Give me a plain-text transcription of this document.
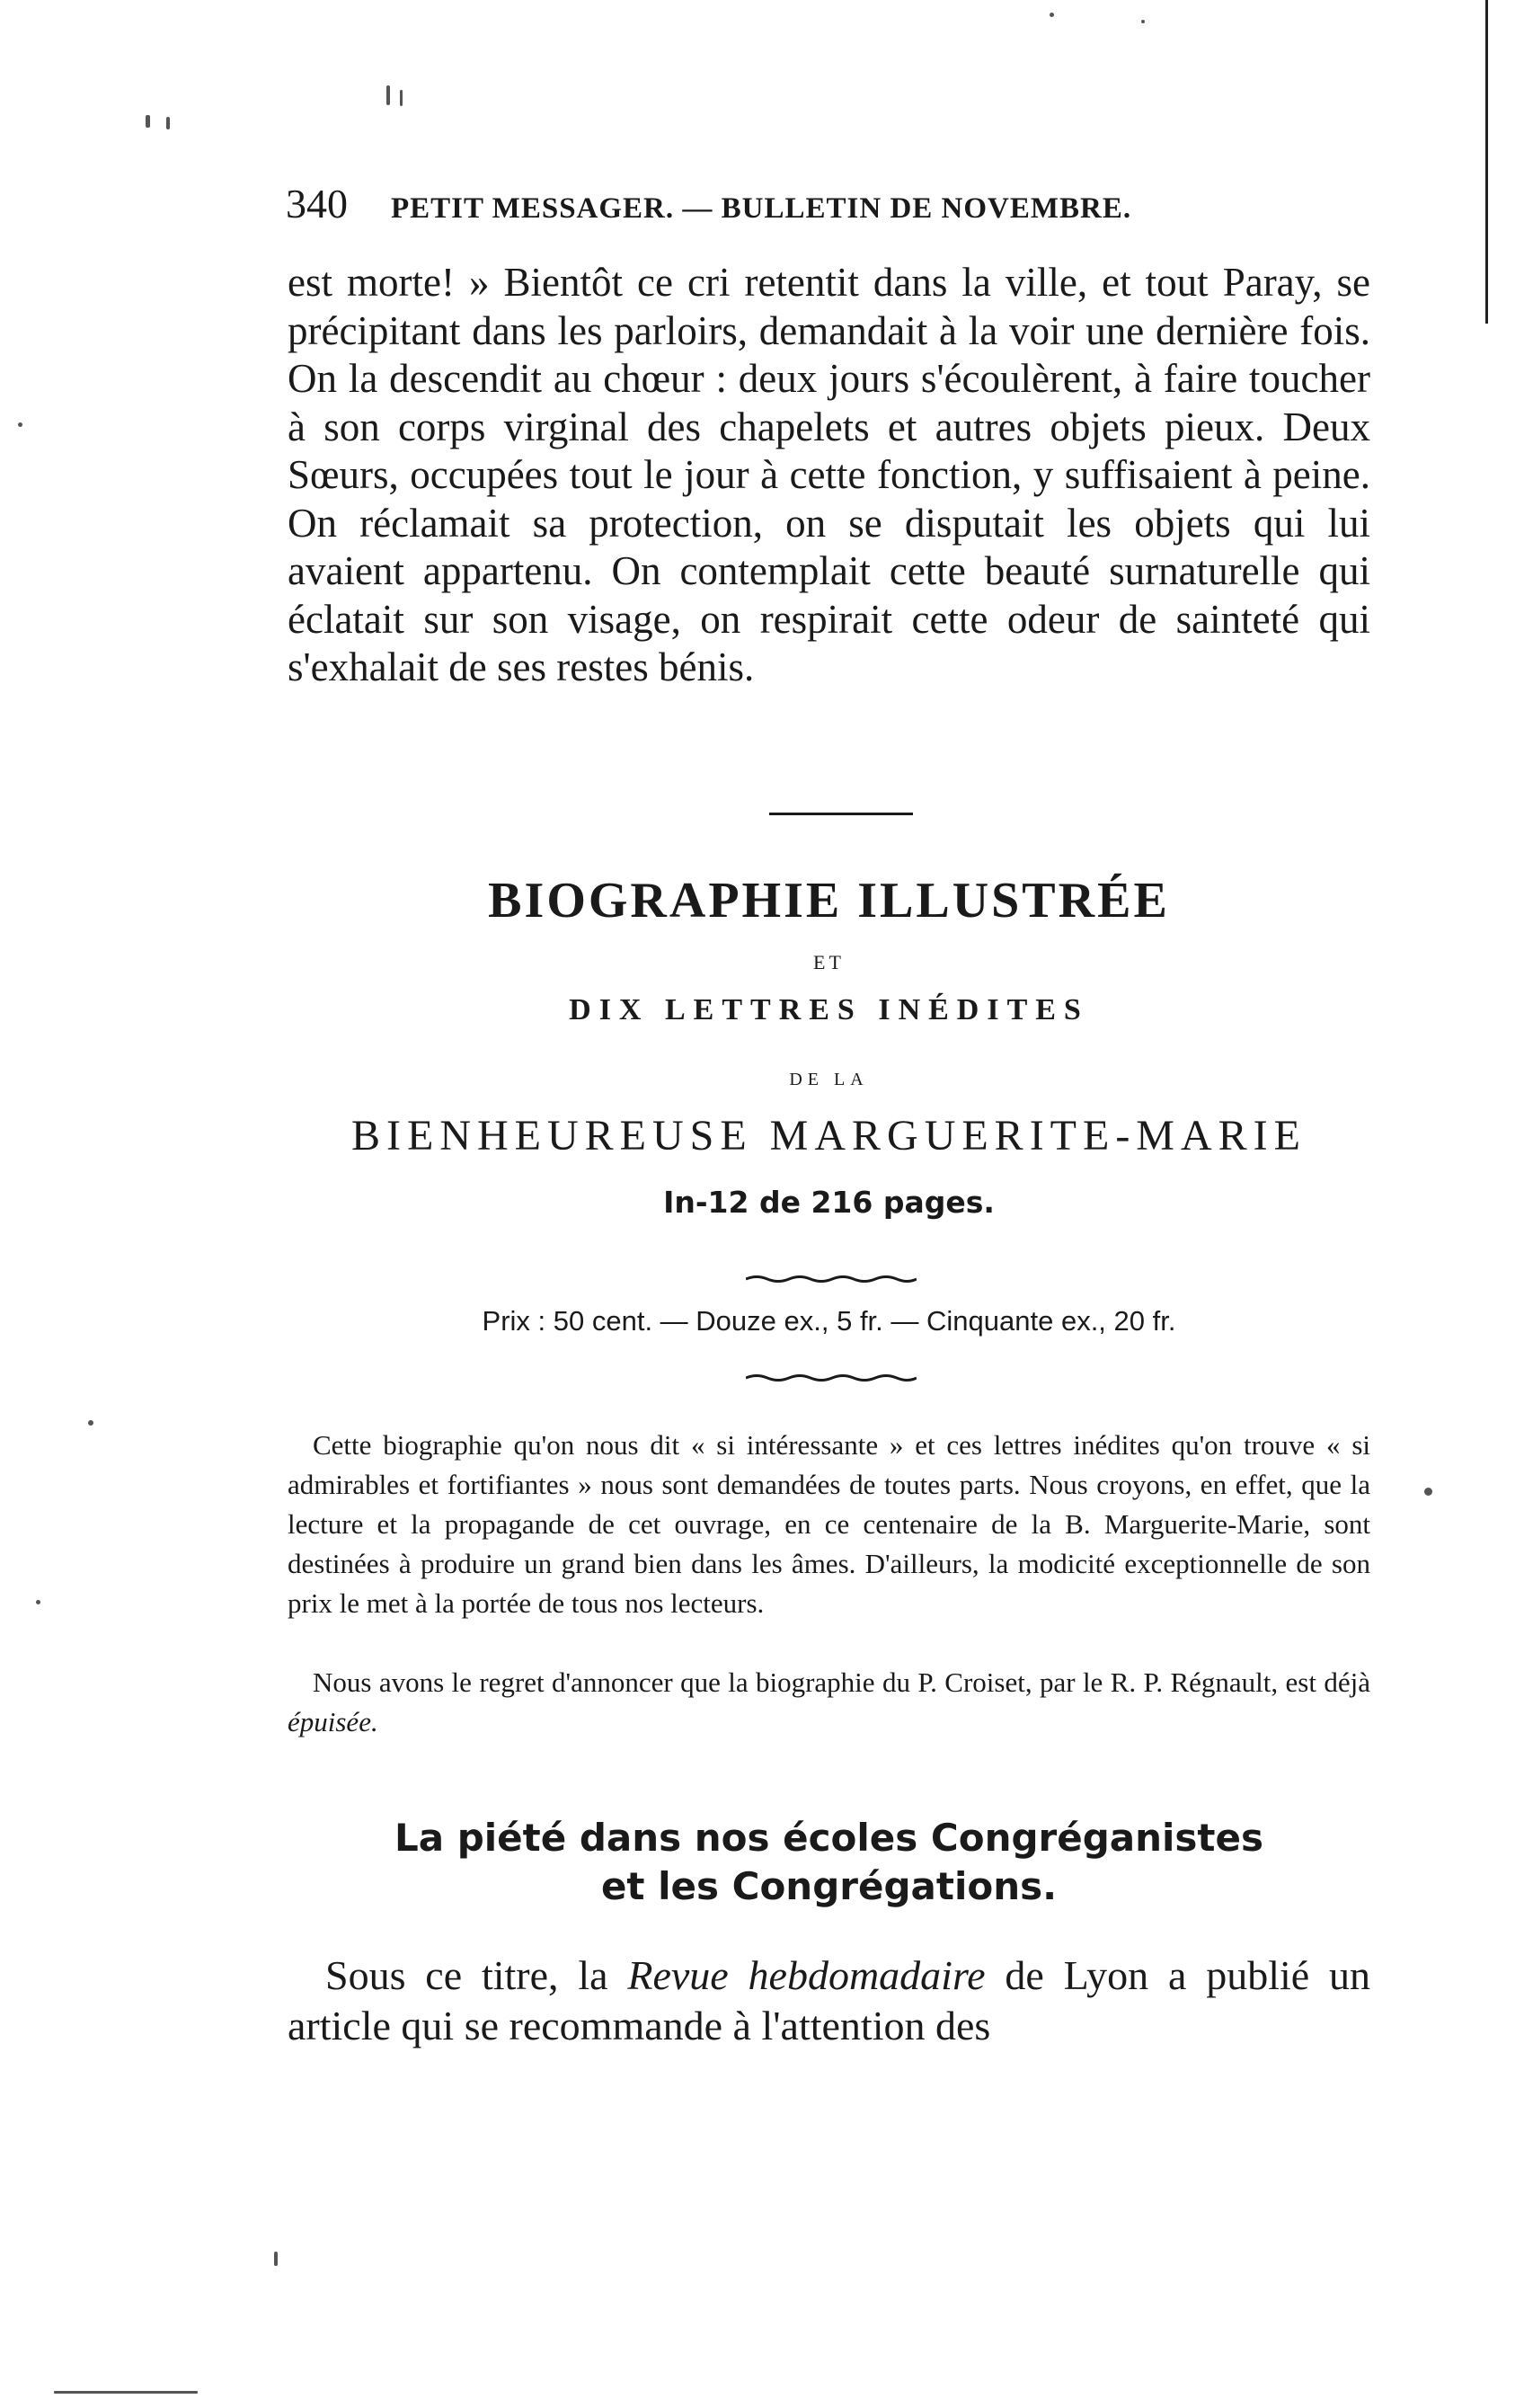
340 PETIT MESSAGER. — BULLETIN DE NOVEMBRE.

est morte! » Bientôt ce cri retentit dans la ville, et tout Paray, se précipitant dans les parloirs, demandait à la voir une dernière fois. On la descendit au chœur : deux jours s'écoulèrent, à faire toucher à son corps virginal des chapelets et autres objets pieux. Deux Sœurs, occupées tout le jour à cette fonction, y suffisaient à peine. On réclamait sa protection, on se disputait les objets qui lui avaient appartenu. On contemplait cette beauté surnaturelle qui éclatait sur son visage, on respirait cette odeur de sainteté qui s'exhalait de ses restes bénis.

BIOGRAPHIE ILLUSTRÉE
ET
DIX LETTRES INÉDITES
DE LA
BIENHEUREUSE MARGUERITE-MARIE
In-12 de 216 pages.
Prix : 50 cent. — Douze ex., 5 fr. — Cinquante ex., 20 fr.

Cette biographie qu'on nous dit « si intéressante » et ces lettres inédites qu'on trouve « si admirables et fortifiantes » nous sont demandées de toutes parts. Nous croyons, en effet, que la lecture et la propagande de cet ouvrage, en ce centenaire de la B. Marguerite-Marie, sont destinées à produire un grand bien dans les âmes. D'ailleurs, la modicité exceptionnelle de son prix le met à la portée de tous nos lecteurs.

Nous avons le regret d'annoncer que la biographie du P. Croiset, par le R. P. Régnault, est déjà épuisée.

La piété dans nos écoles Congréganistes
et les Congrégations.

Sous ce titre, la Revue hebdomadaire de Lyon a publié un article qui se recommande à l'attention des
